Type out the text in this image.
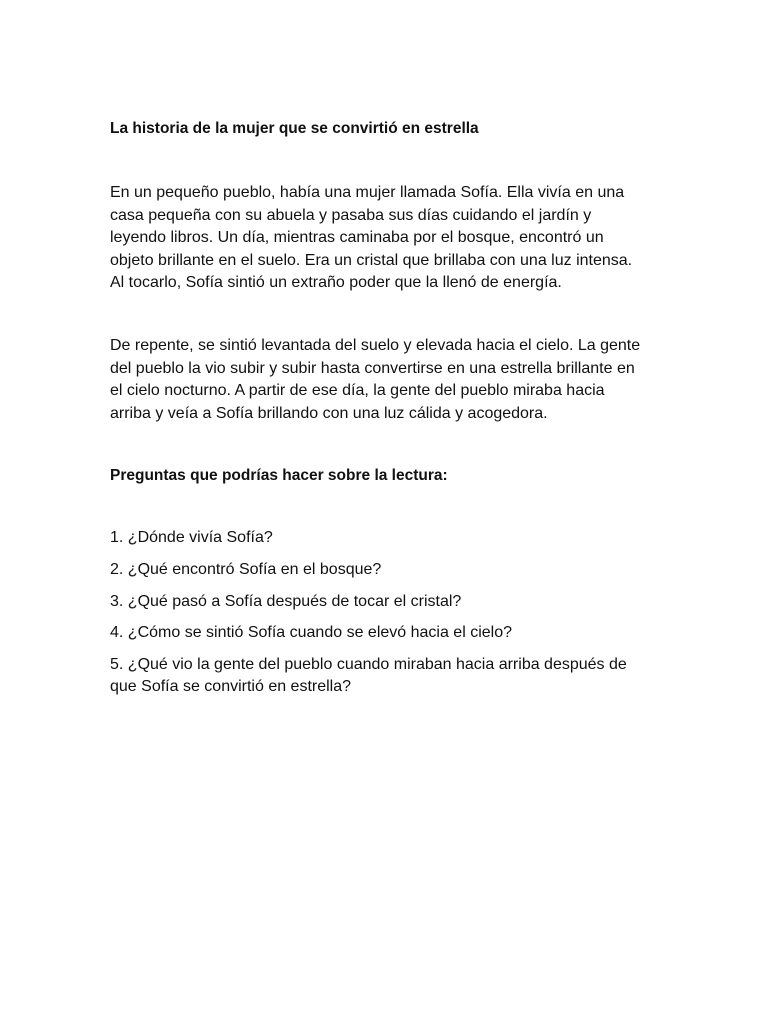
La historia de la mujer que se convirtió en estrella

En un pequeño pueblo, había una mujer llamada Sofía. Ella vivía en una casa pequeña con su abuela y pasaba sus días cuidando el jardín y leyendo libros. Un día, mientras caminaba por el bosque, encontró un objeto brillante en el suelo. Era un cristal que brillaba con una luz intensa. Al tocarlo, Sofía sintió un extraño poder que la llenó de energía.

De repente, se sintió levantada del suelo y elevada hacia el cielo. La gente del pueblo la vio subir y subir hasta convertirse en una estrella brillante en el cielo nocturno. A partir de ese día, la gente del pueblo miraba hacia arriba y veía a Sofía brillando con una luz cálida y acogedora.

Preguntas que podrías hacer sobre la lectura:
1. ¿Dónde vivía Sofía?
2. ¿Qué encontró Sofía en el bosque?
3. ¿Qué pasó a Sofía después de tocar el cristal?
4. ¿Cómo se sintió Sofía cuando se elevó hacia el cielo?
5. ¿Qué vio la gente del pueblo cuando miraban hacia arriba después de que Sofía se convirtió en estrella?
